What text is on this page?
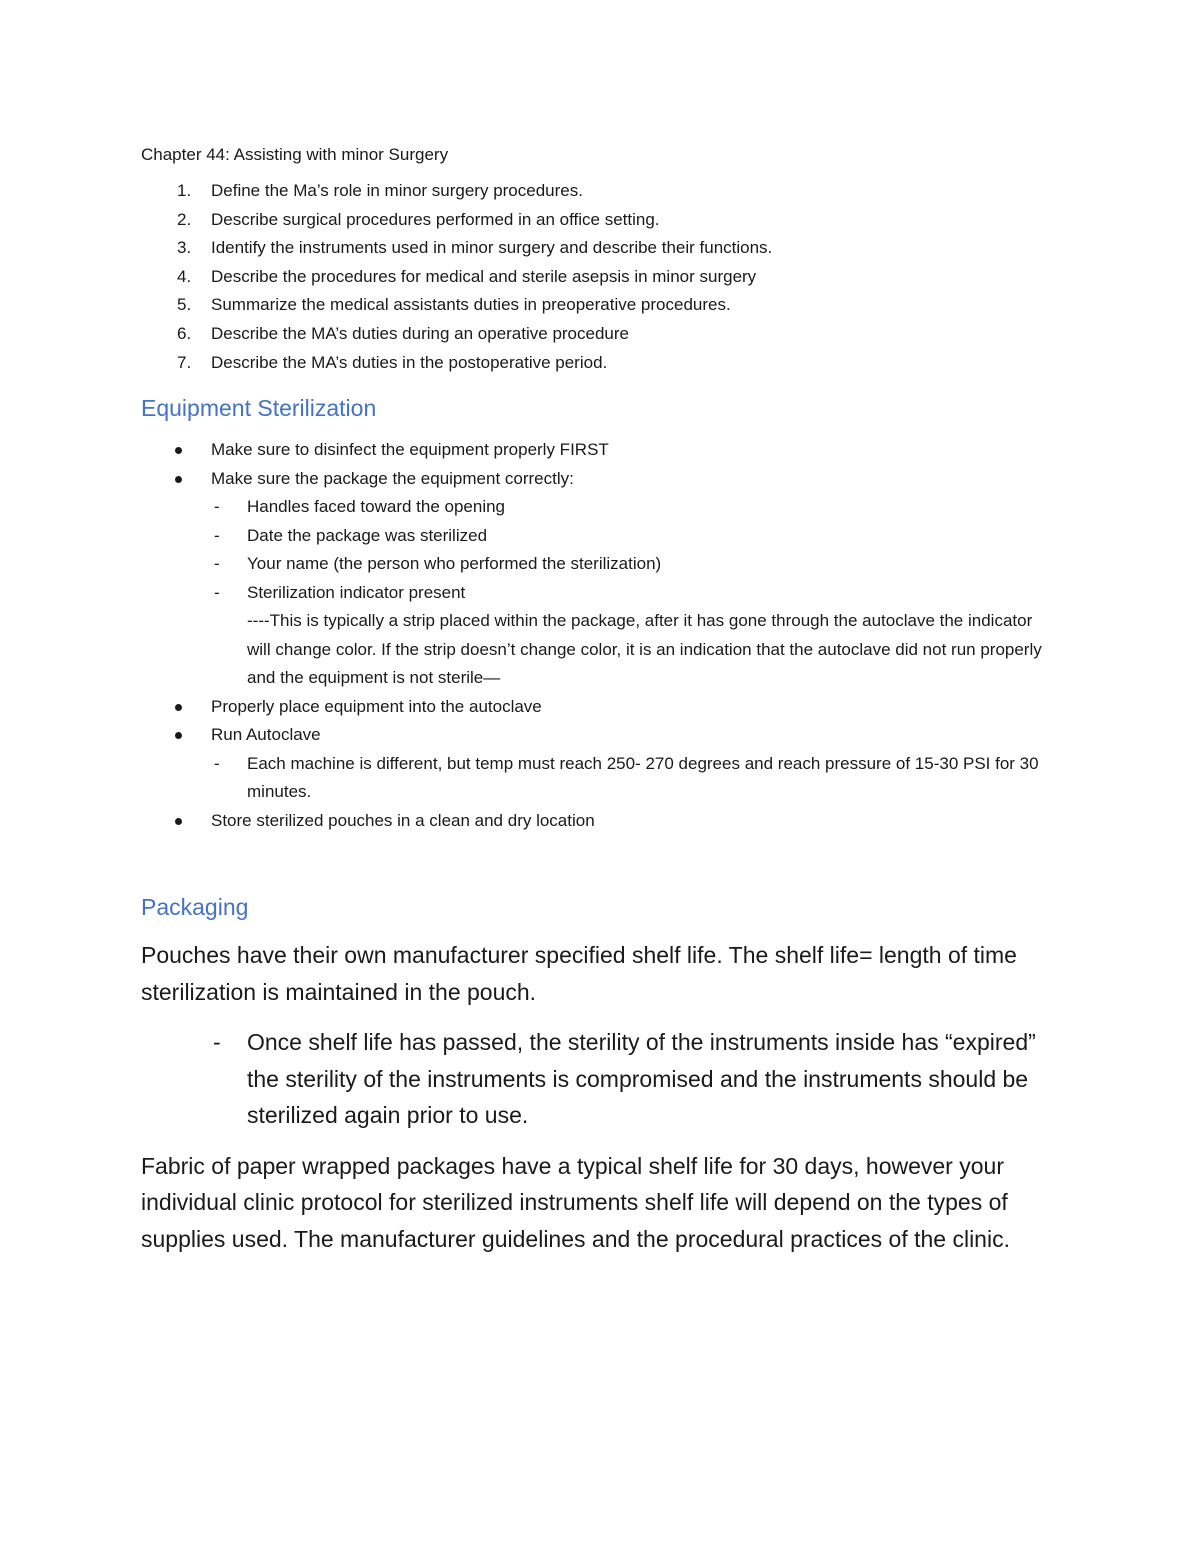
Chapter 44: Assisting with minor Surgery

1. Define the Ma’s role in minor surgery procedures.
2. Describe surgical procedures performed in an office setting.
3. Identify the instruments used in minor surgery and describe their functions.
4. Describe the procedures for medical and sterile asepsis in minor surgery
5. Summarize the medical assistants duties in preoperative procedures.
6. Describe the MA’s duties during an operative procedure
7. Describe the MA’s duties in the postoperative period.
Equipment Sterilization
Make sure to disinfect the equipment properly FIRST
Make sure the package the equipment correctly:
- Handles faced toward the opening
- Date the package was sterilized
- Your name (the person who performed the sterilization)
- Sterilization indicator present
----This is typically a strip placed within the package, after it has gone through the autoclave the indicator will change color. If the strip doesn’t change color, it is an indication that the autoclave did not run properly and the equipment is not sterile—
Properly place equipment into the autoclave
Run Autoclave
- Each machine is different, but temp must reach 250- 270 degrees and reach pressure of 15-30 PSI for 30 minutes.
Store sterilized pouches in a clean and dry location
Packaging

Pouches have their own manufacturer specified shelf life. The shelf life= length of time sterilization is maintained in the pouch.

- Once shelf life has passed, the sterility of the instruments inside has “expired” the sterility of the instruments is compromised and the instruments should be sterilized again prior to use.

Fabric of paper wrapped packages have a typical shelf life for 30 days, however your individual clinic protocol for sterilized instruments shelf life will depend on the types of supplies used. The manufacturer guidelines and the procedural practices of the clinic.
